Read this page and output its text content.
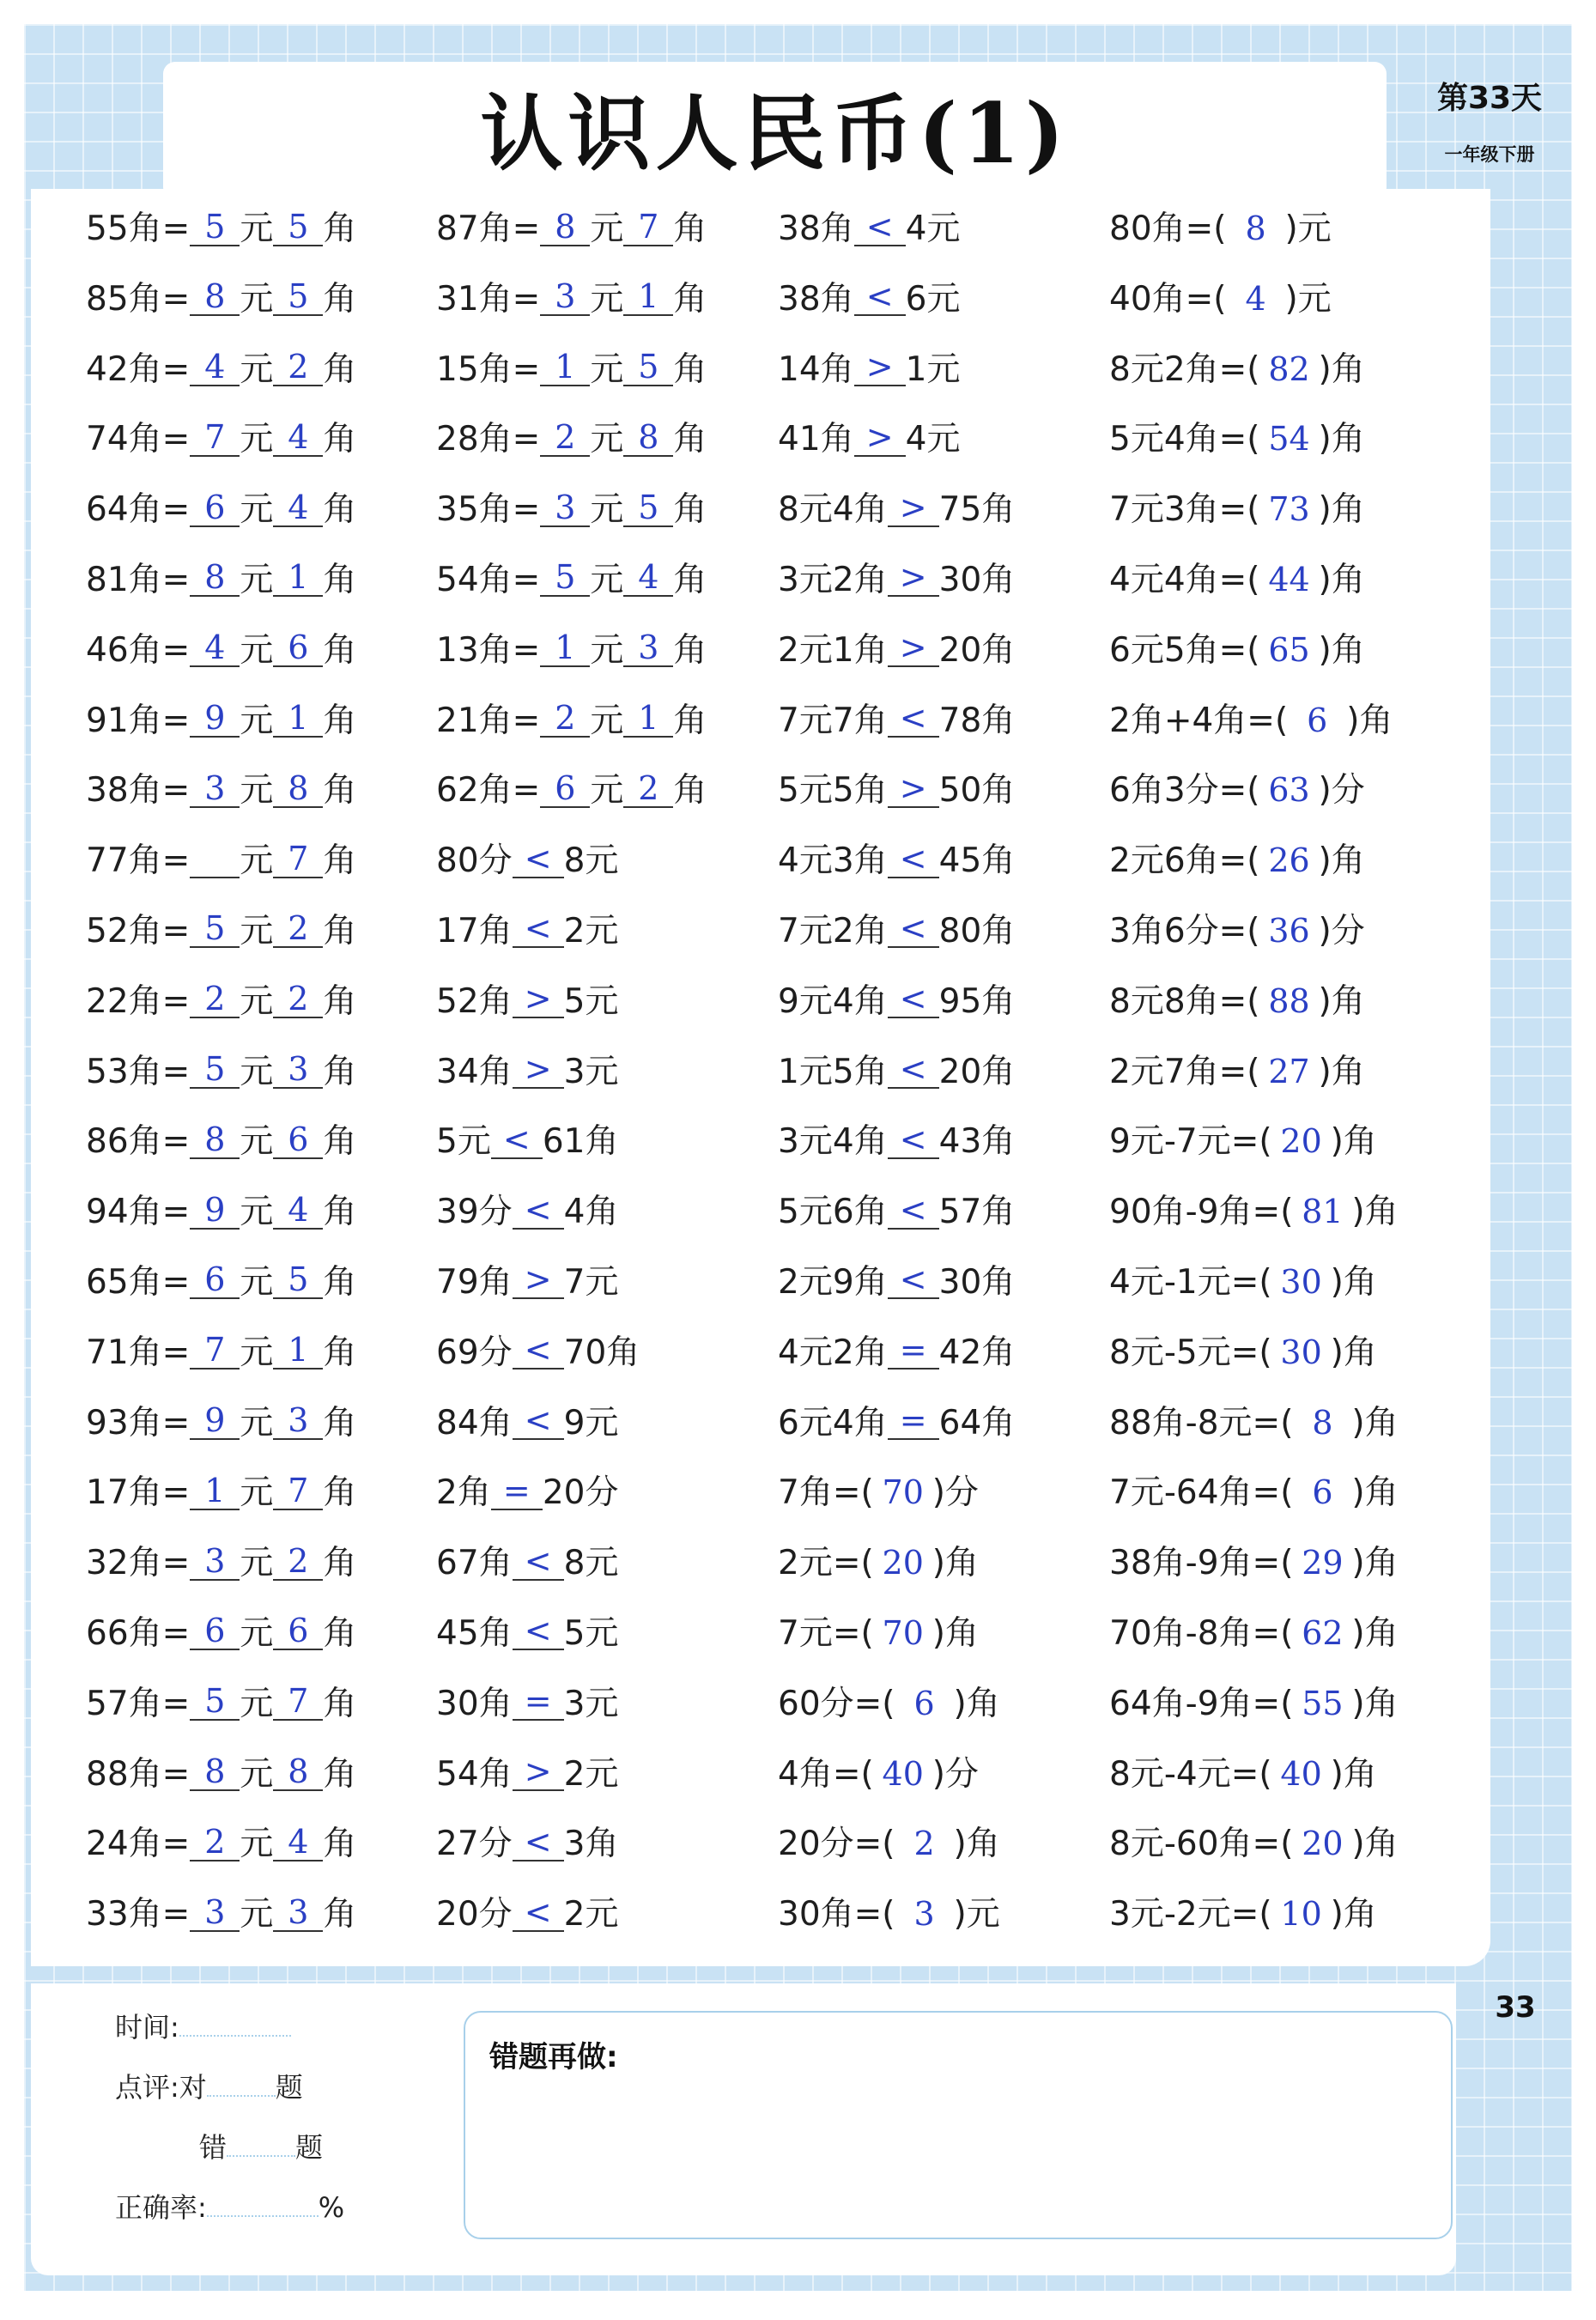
认识人民币(1)	第33天
一年级下册
55角= 5 元 5 角
85角= 8 元 5 角
42角= 4 元 2 角
74角= 7 元 4 角
64角= 6 元 4 角
81角= 8 元 1 角
46角= 4 元 6 角
91角= 9 元 1 角
38角= 3 元 8 角
77角= 元 7 角
52角= 5 元 2 角
22角= 2 元 2 角
53角= 5 元 3 角
86角= 8 元 6 角
94角= 9 元 4 角
65角= 6 元 5 角
71角= 7 元 1 角
93角= 9 元 3 角
17角= 1 元 7 角
32角= 3 元 2 角
66角= 6 元 6 角
57角= 5 元 7 角
88角= 8 元 8 角
24角= 2 元 4 角
33角= 3 元 3 角
87角= 8 元 7 角
31角= 3 元 1 角
15角= 1 元 5 角
28角= 2 元 8 角
35角= 3 元 5 角
54角= 5 元 4 角
13角= 1 元 3 角
21角= 2 元 1 角
62角= 6 元 2 角
80分 < 8元
17角 < 2元
52角 > 5元
34角 > 3元
5元 < 61角
39分 < 4角
79角 > 7元
69分 < 70角
84角 < 9元
2角 = 20分
67角 < 8元
45角 < 5元
30角 = 3元
54角 > 2元
27分 < 3角
20分 < 2元
38角 < 4元
38角 < 6元
14角 > 1元
41角 > 4元
8元4角 > 75角
3元2角 > 30角
2元1角 > 20角
7元7角 < 78角
5元5角 > 50角
4元3角 < 45角
7元2角 < 80角
9元4角 < 95角
1元5角 < 20角
3元4角 < 43角
5元6角 < 57角
2元9角 < 30角
4元2角 = 42角
6元4角 = 64角
7角=( 70 )分
2元=( 20 )角
7元=( 70 )角
60分=( 6 )角
4角=( 40 )分
20分=( 2 )角
30角=( 3 )元
80角=( 8 )元
40角=( 4 )元
8元2角=( 82 )角
5元4角=( 54 )角
7元3角=( 73 )角
4元4角=( 44 )角
6元5角=( 65 )角
2角+4角=( 6 )角
6角3分=( 63 )分
2元6角=( 26 )角
3角6分=( 36 )分
8元8角=( 88 )角
2元7角=( 27 )角
9元-7元=( 20 )角
90角-9角=( 81 )角
4元-1元=( 30 )角
8元-5元=( 30 )角
88角-8元=( 8 )角
7元-64角=( 6 )角
38角-9角=( 29 )角
70角-8角=( 62 )角
64角-9角=( 55 )角
8元-4元=( 40 )角
8元-60角=( 20 )角
3元-2元=( 10 )角
时间:
点评:对	题
错	题
正确率:	%
错题再做:
33
